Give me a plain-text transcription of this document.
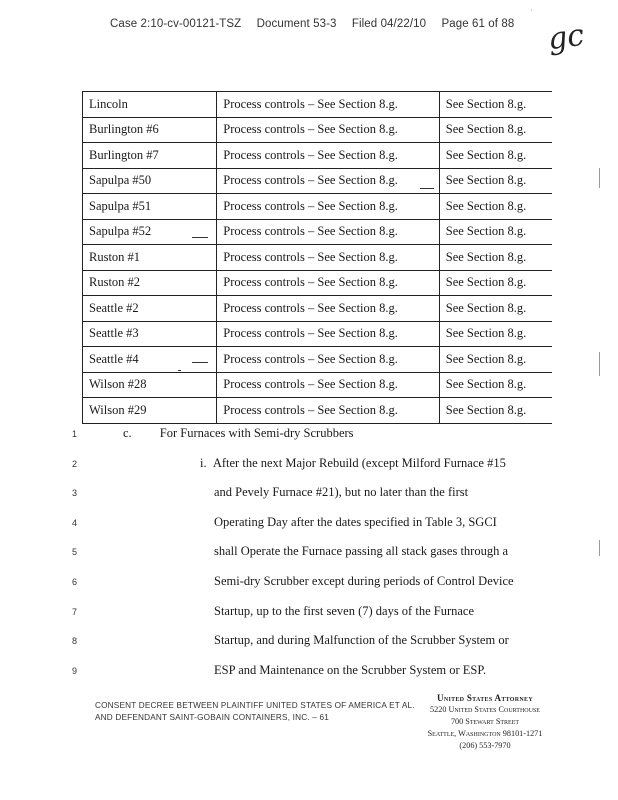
Case 2:10-cv-00121-TSZ Document 53-3 Filed 04/22/10 Page 61 of 88
·
gc
Lincoln	Process controls – See Section 8.g.	See Section 8.g.
Burlington #6	Process controls – See Section 8.g.	See Section 8.g.
Burlington #7	Process controls – See Section 8.g.	See Section 8.g.
Sapulpa #50	Process controls – See Section 8.g.	See Section 8.g.
Sapulpa #51	Process controls – See Section 8.g.	See Section 8.g.
Sapulpa #52	Process controls – See Section 8.g.	See Section 8.g.
Ruston #1	Process controls – See Section 8.g.	See Section 8.g.
Ruston #2	Process controls – See Section 8.g.	See Section 8.g.
Seattle #2	Process controls – See Section 8.g.	See Section 8.g.
Seattle #3	Process controls – See Section 8.g.	See Section 8.g.
Seattle #4	Process controls – See Section 8.g.	See Section 8.g.
Wilson #28	Process controls – See Section 8.g.	See Section 8.g.
Wilson #29	Process controls – See Section 8.g.	See Section 8.g.
1	c.         For Furnaces with Semi-dry Scrubbers
2	i.  After the next Major Rebuild (except Milford Furnace #15
3	and Pevely Furnace #21), but no later than the first
4	Operating Day after the dates specified in Table 3, SGCI
5	shall Operate the Furnace passing all stack gases through a
6	Semi-dry Scrubber except during periods of Control Device
7	Startup, up to the first seven (7) days of the Furnace
8	Startup, and during Malfunction of the Scrubber System or
9	ESP and Maintenance on the Scrubber System or ESP.
CONSENT DECREE BETWEEN PLAINTIFF UNITED STATES OF AMERICA ET AL.
AND DEFENDANT SAINT-GOBAIN CONTAINERS, INC. – 61
United States Attorney
5220 United States Courthouse
700 Stewart Street
Seattle, Washington 98101-1271
(206) 553-7970
